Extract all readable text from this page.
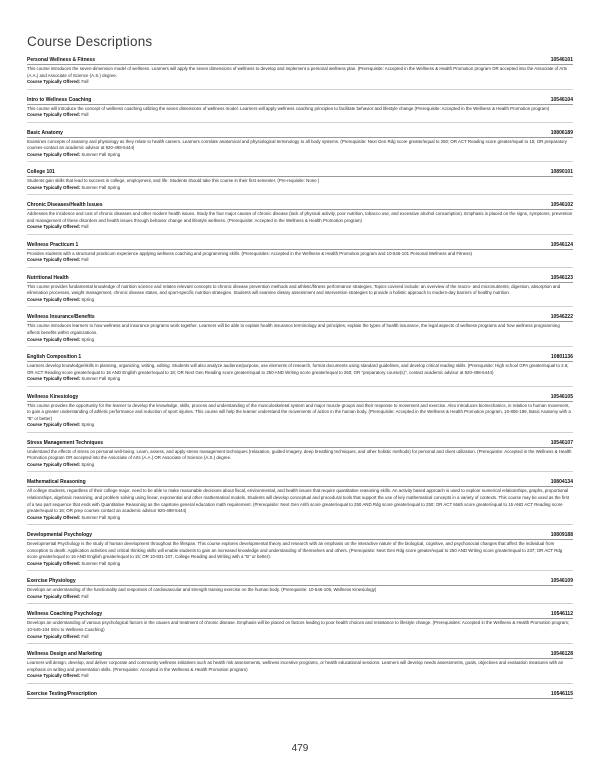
Course Descriptions
Personal Wellness & Fitness	10546101

This course introduces the seven-dimension model of wellness. Learners will apply the seven dimensions of wellness to develop and implement a personal wellness plan. (Prerequisite: Accepted in the Wellness & Health Promotion program OR accepted into the Associate of Arts (A.A.) and Associate of Science (A.S.) degree.

Course Typically Offered: Fall
Intro to Wellness Coaching	10546104

This course will introduce the concept of wellness coaching utilizing the seven dimensions of wellness model. Learners will apply wellness coaching principles to facilitate behavior and lifestyle change (Prerequisite: Accepted in the Wellness & Health Promotion program)

Course Typically Offered: Fall
Basic Anatomy	10806189

Examines concepts of anatomy and physiology as they relate to health careers. Learners correlate anatomical and physiological terminology to all body systems. (Prerequisite: Next Gen Rdg score greater/equal to 250; OR ACT Reading score greater/equal to 15; OR preparatory courses-contact an academic advisor at 920-498-5444)

Course Typically Offered: Summer Fall Spring
College 101	10890101

Students gain skills that lead to success in college, employment, and life. Students should take this course in their first semester. (Pre-requisite: None )

Course Typically Offered: Summer Fall Spring
Chronic Diseases/Health Issues	10546102

Addresses the incidence and cost of chronic diseases and other modern health issues. Study the four major causes of chronic disease (lack of physical activity, poor nutrition, tobacco use, and excessive alcohol consumption). Emphasis is placed on the signs, symptoms, prevention and management of these disorders and health issues through behavior change and lifestyle wellness. (Prerequisite: Accepted in the Wellness & Health Promotion program)

Course Typically Offered: Fall
Wellness Practicum 1	10546124

Provides students with a structured practicum experience applying wellness coaching and programming skills. (Prerequisites: Accepted in the Wellness & Health Promotion program and 10-546-101 Personal Wellness and Fitness)

Course Typically Offered: Fall
Nutritional Health	10546123

This course provides fundamental knowledge of nutrition science and relates relevant concepts to chronic disease prevention methods and athletic/fitness performance strategies. Topics covered include: an overview of the macro- and micronutrients, digestion, absorption and elimination processes, weight management, chronic disease states, and sport-specific nutrition strategies. Students will examine dietary assessment and intervention strategies to provide a holistic approach to modern-day barriers of healthy nutrition.

Course Typically Offered: Spring
Wellness Insurance/Benefits	10546222

This course introduces learners to how wellness and insurance programs work together. Learners will be able to explain health insurance terminology and principles, explain the types of health insurance, the legal aspects of wellness programs and how wellness programming affects benefits within organizations.

Course Typically Offered: Spring
English Composition 1	10801136

Learners develop knowledge/skills in planning, organizing, writing, editing. Students will also analyze audience/purpose, use elements of research, format documents using standard guidelines, and develop critical reading skills. (Prerequisite: High school GPA greater/equal to 2.6; OR ACT Reading score greater/equal to 16 AND English greater/equal to 18; OR Next Gen Reading score greater/equal to 250 AND Writing score greater/equal to 260; OR "preparatory course(s)", contact academic advisor at 920-498-5444)

Course Typically Offered: Summer Fall Spring
Wellness Kinesiology	10546105

This course provides the opportunity for the learner to develop the knowledge, skills, process and understanding of the musculoskeletal system and major muscle groups and their response to movement and exercise. Also introduces biomechanics, in relation to human movement, to gain a greater understanding of athletic performance and reduction of sport injuries. This course will help the learner understand the movements of action in the human body. (Prerequisite: Accepted in the Wellness & Health Promotion program, 10-806-189, Basic Anatomy with a "B" or better)

Course Typically Offered: Spring
Stress Management Techniques	10546107

Understand the effects of stress on personal well-being. Learn, assess, and apply stress management techniques (relaxation, guided imagery, deep breathing techniques, and other holistic methods) for personal and client utilization. (Prerequisite: Accepted in the Wellness & Health Promotion program OR accepted into the Associate of Arts (A.A.) OR Associate of Science (A.S.) degree.

Course Typically Offered: Spring
Mathematical Reasoning	10804134

All college students, regardless of their college major, need to be able to make reasonable decisions about fiscal, environmental, and health issues that require quantitative reasoning skills. An activity based approach is used to explore numerical relationships, graphs, proportional relationships, algebraic reasoning, and problem solving using linear, exponential and other mathematical models. Students will develop conceptual and procedural tools that support the use of key mathematical concepts in a variety of contexts. This course may be used as the first of a two part sequence that ends with Quantitative Reasoning as the capstone general education math requirement. (Prerequisite: Next Gen Arith score greater/equal to 250 AND Rdg score greater/equal to 250; OR ACT Math score greater/equal to 15 AND ACT Reading score greater/equal to 16; OR prep courses contact an academic advisor 920-498-5444)

Course Typically Offered: Summer Fall Spring
Developmental Psychology	10809188

Developmental Psychology is the study of human development throughout the lifespan. This course explores developmental theory and research with an emphasis on the interactive nature of the biological, cognitive, and psychosocial changes that affect the individual from conception to death. Application activities and critical thinking skills will enable students to gain an increased knowledge and understanding of themselves and others. (Prerequisite: Next Gen Rdg score greater/equal to 250 AND Writing score greater/equal to 237; OR ACT Rdg score greater/equal to 16 AND English greater/equal to 15; OR 10-831-107, College Reading and Writing with a "B" or better).

Course Typically Offered: Summer Fall Spring
Exercise Physiology	10546109

Develops an understanding of the functionality and responses of cardiovascular and strength training exercise on the human body. (Prerequisite: 10-546-105, Wellness Kinesiology)

Course Typically Offered: Fall
Wellness Coaching Psychology	10546112

Develops an understanding of various psychological factors in the causes and treatment of chronic disease. Emphasis will be placed on factors leading to poor health choices and resistance to lifestyle change. (Prerequisites: Accepted in the Wellness & Health Promotion program; 10-546-104 Intro to Wellness Coaching)

Course Typically Offered: Fall
Wellness Design and Marketing	10546128

Learners will design, develop, and deliver corporate and community wellness initiatives such as health risk assessments, wellness incentive programs, or health educational sessions. Learners will develop needs assessments, goals, objectives and evaluation measures with an emphasis on writing and presentation skills. (Prerequisite: Accepted in the Wellness & Health Promotion program)

Course Typically Offered: Fall
Exercise Testing/Prescription	10546115
479
